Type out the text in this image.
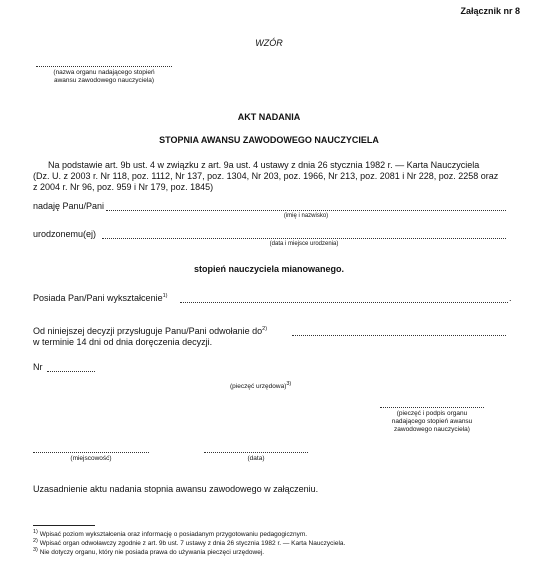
Załącznik nr 8
WZÓR
(nazwa organu nadającego stopień
awansu zawodowego nauczyciela)
AKT NADANIA
STOPNIA AWANSU ZAWODOWEGO NAUCZYCIELA
Na podstawie art. 9b ust. 4 w związku z art. 9a ust. 4 ustawy z dnia 26 stycznia 1982 r. — Karta Nauczyciela
(Dz. U. z 2003 r. Nr 118, poz. 1112, Nr 137, poz. 1304, Nr 203, poz. 1966, Nr 213, poz. 2081 i Nr 228, poz. 2258 oraz
z 2004 r. Nr 96, poz. 959 i Nr 179, poz. 1845)
nadaję Panu/Pani
(imię i nazwisko)
urodzonemu(ej)
(data i miejsce urodzenia)
stopień nauczyciela mianowanego.
Posiada Pan/Pani wykształcenie$^{1)}$	.
Od niniejszej decyzji przysługuje Panu/Pani odwołanie $do^{2)}$
w terminie 14 dni od dnia doręczenia decyzji.
Nr
(pieczęć urzędowa)$^{3)}$
(pieczęć i podpis organu
nadającego stopień awansu
zawodowego nauczyciela)
(miejscowość)	(data)
Uzasadnienie aktu nadania stopnia awansu zawodowego w załączeniu.
$^{1)}$ Wpisać poziom wykształcenia oraz informację o posiadanym przygotowaniu pedagogicznym.
$^{2)}$ Wpisać organ odwoławczy zgodnie z art. 9b ust. 7 ustawy z dnia 26 stycznia 1982 r. — Karta Nauczyciela.
$^{3)}$ Nie dotyczy organu, który nie posiada prawa do używania pieczęci urzędowej.
